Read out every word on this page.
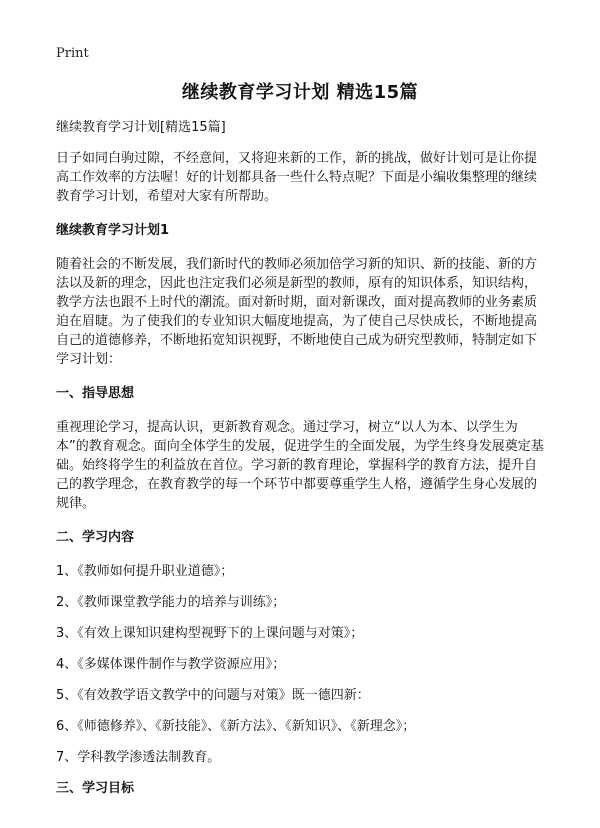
Print
继续教育学习计划 精选15篇

继续教育学习计划[精选15篇]

日子如同白驹过隙，不经意间，又将迎来新的工作，新的挑战，做好计划可是让你提高工作效率的方法喔！好的计划都具备一些什么特点呢？下面是小编收集整理的继续教育学习计划，希望对大家有所帮助。

继续教育学习计划1

随着社会的不断发展，我们新时代的教师必须加倍学习新的知识、新的技能、新的方法以及新的理念，因此也注定我们必须是新型的教师，原有的知识体系，知识结构，教学方法也跟不上时代的潮流。面对新时期，面对新课改，面对提高教师的业务素质迫在眉睫。为了使我们的专业知识大幅度地提高，为了使自己尽快成长，不断地提高自己的道德修养，不断地拓宽知识视野，不断地使自己成为研究型教师，特制定如下学习计划：

一、指导思想

重视理论学习，提高认识，更新教育观念。通过学习，树立“以人为本、以学生为本”的教育观念。面向全体学生的发展，促进学生的全面发展，为学生终身发展奠定基础。始终将学生的利益放在首位。学习新的教育理论，掌握科学的教育方法，提升自己的教学理念，在教育教学的每一个环节中都要尊重学生人格，遵循学生身心发展的规律。

二、学习内容

1、《教师如何提升职业道德》；

2、《教师课堂教学能力的培养与训练》；

3、《有效上课知识建构型视野下的上课问题与对策》；

4、《多媒体课件制作与教学资源应用》；

5、《有效教学语文教学中的问题与对策》既一德四新：

6、《师德修养》、《新技能》、《新方法》、《新知识》、《新理念》；

7、学科教学渗透法制教育。

三、学习目标
